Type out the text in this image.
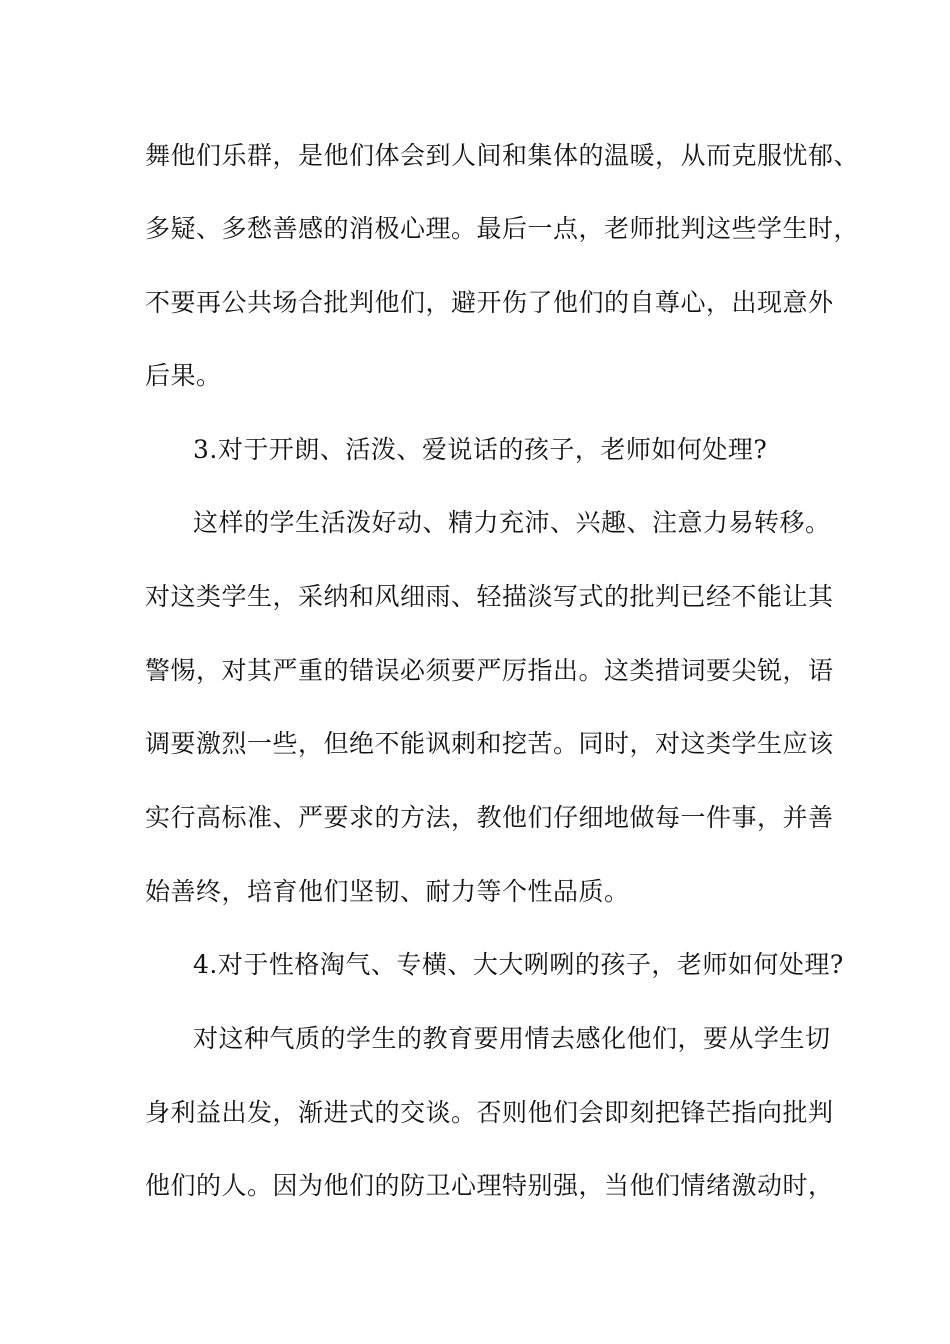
舞他们乐群，是他们体会到人间和集体的温暖，从而克服忧郁、
多疑、多愁善感的消极心理。最后一点，老师批判这些学生时，
不要再公共场合批判他们，避开伤了他们的自尊心，出现意外
后果。
3.对于开朗、活泼、爱说话的孩子，老师如何处理?
这样的学生活泼好动、精力充沛、兴趣、注意力易转移。
对这类学生，采纳和风细雨、轻描淡写式的批判已经不能让其
警惕，对其严重的错误必须要严厉指出。这类措词要尖锐，语
调要激烈一些，但绝不能讽刺和挖苦。同时，对这类学生应该
实行高标准、严要求的方法，教他们仔细地做每一件事，并善
始善终，培育他们坚韧、耐力等个性品质。
4.对于性格淘气、专横、大大咧咧的孩子，老师如何处理?
对这种气质的学生的教育要用情去感化他们，要从学生切
身利益出发，渐进式的交谈。否则他们会即刻把锋芒指向批判
他们的人。因为他们的防卫心理特别强，当他们情绪激动时，
